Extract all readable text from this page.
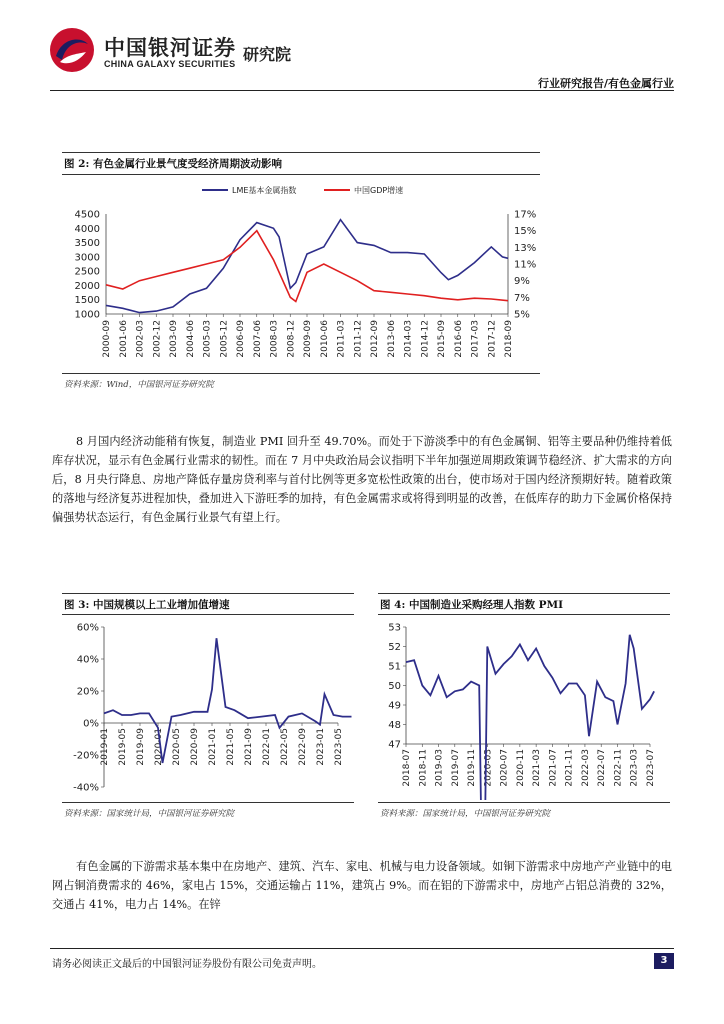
中国银河证券
CHINA GALAXY SECURITIES 研究院
行业研究报告/有色金属行业
图 2: 有色金属行业景气度受经济周期波动影响
LME基本金属指数	中国GDP增速
4500
4000
3500
3000
2500
2000
1500
1000
17%
15%
13%
11%
9%
7%
5%
2000-09 2001-06 2002-03 2002-12 2003-09 2004-06 2005-03 2005-12 2006-09 2007-06 2008-03 2008-12 2009-09 2010-06 2011-03 2011-12 2012-09 2013-06 2014-03 2014-12 2015-09 2016-06 2017-03 2017-12 2018-09
资料来源：Wind，中国银河证券研究院
8 月国内经济动能稍有恢复，制造业 PMI 回升至 49.70%。而处于下游淡季中的有色金属铜、铝等主要品种仍维持着低库存状况，显示有色金属行业需求的韧性。而在 7 月中央政治局会议指明下半年加强逆周期政策调节稳经济、扩大需求的方向后，8 月央行降息、房地产降低存量房贷利率与首付比例等更多宽松性政策的出台，使市场对于国内经济预期好转。随着政策的落地与经济复苏进程加快，叠加进入下游旺季的加持，有色金属需求或将得到明显的改善，在低库存的助力下金属价格保持偏强势状态运行，有色金属行业景气有望上行。
图 3: 中国规模以上工业增加值增速
60%
40%
20%
0%
-20%
-40%
2019-01 2019-05 2019-09 2020-01 2020-05 2020-09 2021-01 2021-05 2021-09 2022-01 2022-05 2022-09 2023-01 2023-05
资料来源：国家统计局，中国银河证券研究院
图 4: 中国制造业采购经理人指数 PMI
53
52
51
50
49
48
47
2018-07 2018-11 2019-03 2019-07 2019-11 2020-03 2020-07 2020-11 2021-03 2021-07 2021-11 2022-03 2022-07 2022-11 2023-03 2023-07
资料来源：国家统计局，中国银河证券研究院
有色金属的下游需求基本集中在房地产、建筑、汽车、家电、机械与电力设备领域。如铜下游需求中房地产产业链中的电网占铜消费需求的 46%，家电占 15%，交通运输占 11%，建筑占 9%。而在铝的下游需求中，房地产占铝总消费的 32%，交通占 41%，电力占 14%。在锌
请务必阅读正文最后的中国银河证券股份有限公司免责声明。	3
